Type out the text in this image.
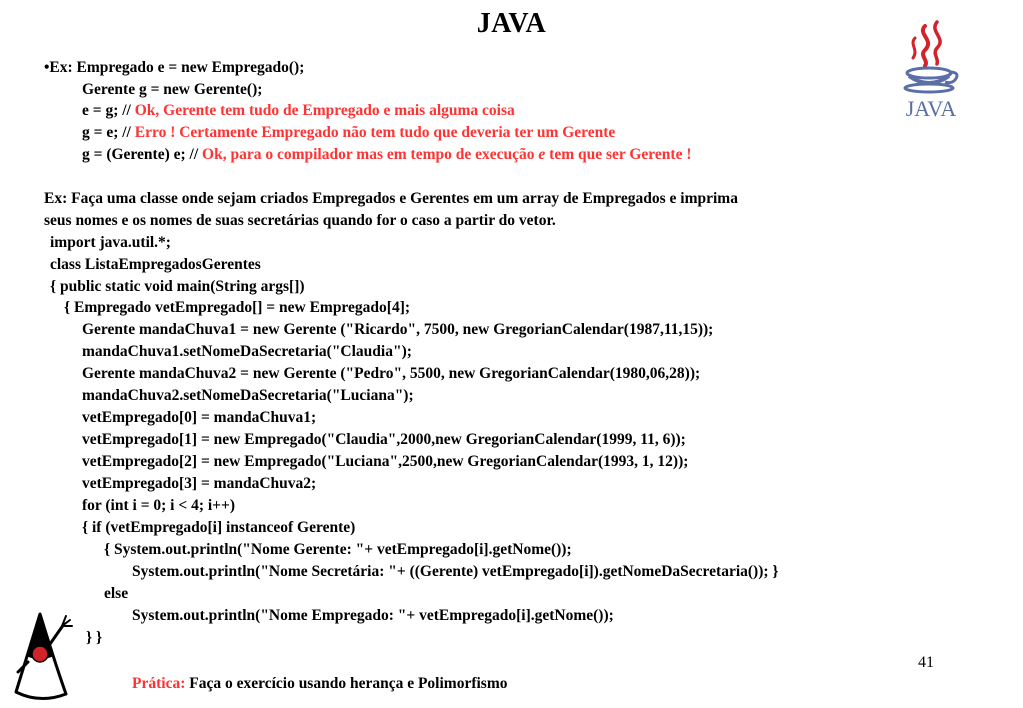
JAVA
JAVA
•Ex: Empregado e = new Empregado();
Gerente g = new Gerente();
e = g; // Ok, Gerente tem tudo de Empregado e mais alguma coisa
g = e; // Erro ! Certamente Empregado não tem tudo que deveria ter um Gerente
g = (Gerente) e; // Ok, para o compilador mas em tempo de execução e tem que ser Gerente !
Ex: Faça uma classe onde sejam criados Empregados e Gerentes em um array de Empregados e imprima
seus nomes e os nomes de suas secretárias quando for o caso a partir do vetor.
import java.util.*;
class ListaEmpregadosGerentes
{ public static void main(String args[])
{ Empregado vetEmpregado[] = new Empregado[4];
Gerente mandaChuva1 = new Gerente ("Ricardo", 7500, new GregorianCalendar(1987,11,15));
mandaChuva1.setNomeDaSecretaria("Claudia");
Gerente mandaChuva2 = new Gerente ("Pedro", 5500, new GregorianCalendar(1980,06,28));
mandaChuva2.setNomeDaSecretaria("Luciana");
vetEmpregado[0] = mandaChuva1;
vetEmpregado[1] = new Empregado("Claudia",2000,new GregorianCalendar(1999, 11, 6));
vetEmpregado[2] = new Empregado("Luciana",2500,new GregorianCalendar(1993, 1, 12));
vetEmpregado[3] = mandaChuva2;
for (int i = 0; i < 4; i++)
{ if (vetEmpregado[i] instanceof Gerente)
{ System.out.println("Nome Gerente: "+ vetEmpregado[i].getNome());
System.out.println("Nome Secretária: "+ ((Gerente) vetEmpregado[i]).getNomeDaSecretaria()); }
else
System.out.println("Nome Empregado: "+ vetEmpregado[i].getNome());
} }
Prática: Faça o exercício usando herança e Polimorfismo
41
